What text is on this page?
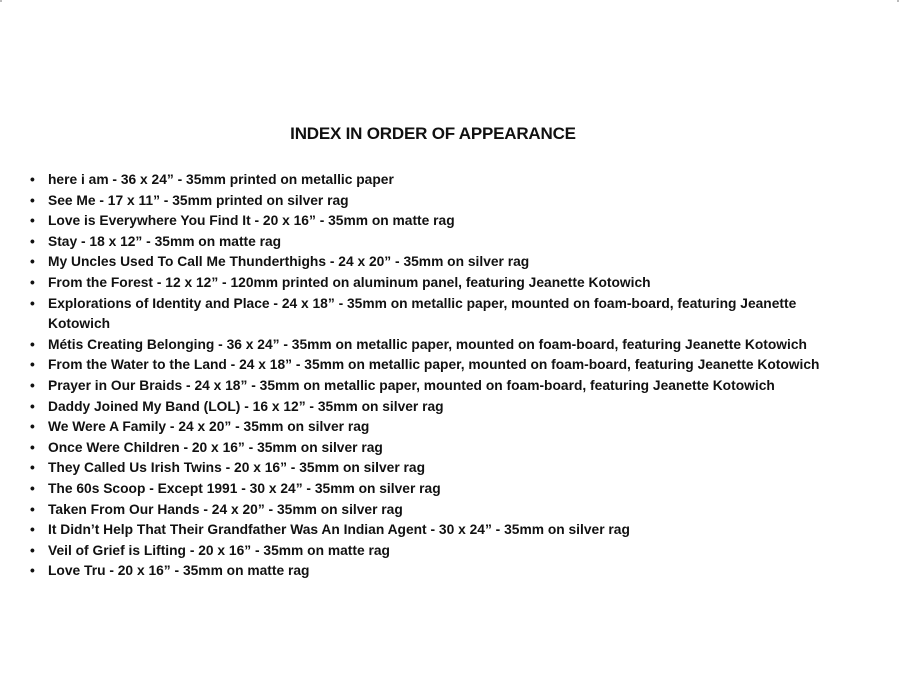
INDEX IN ORDER OF APPEARANCE
• here i am - 36 x 24” - 35mm printed on metallic paper
• See Me - 17 x 11” - 35mm printed on silver rag
• Love is Everywhere You Find It - 20 x 16” - 35mm on matte rag
• Stay - 18 x 12” - 35mm on matte rag
• My Uncles Used To Call Me Thunderthighs - 24 x 20” - 35mm on silver rag
• From the Forest - 12 x 12” - 120mm printed on aluminum panel, featuring Jeanette Kotowich
• Explorations of Identity and Place - 24 x 18” - 35mm on metallic paper, mounted on foam-board, featuring Jeanette Kotowich
• Métis Creating Belonging - 36 x 24” - 35mm on metallic paper, mounted on foam-board, featuring Jeanette Kotowich
• From the Water to the Land - 24 x 18” - 35mm on metallic paper, mounted on foam-board, featuring Jeanette Kotowich
• Prayer in Our Braids - 24 x 18” - 35mm on metallic paper, mounted on foam-board, featuring Jeanette Kotowich
• Daddy Joined My Band (LOL) - 16 x 12” - 35mm on silver rag
• We Were A Family - 24 x 20” - 35mm on silver rag
• Once Were Children - 20 x 16” - 35mm on silver rag
• They Called Us Irish Twins - 20 x 16” - 35mm on silver rag
• The 60s Scoop - Except 1991 - 30 x 24” - 35mm on silver rag
• Taken From Our Hands - 24 x 20” - 35mm on silver rag
• It Didn’t Help That Their Grandfather Was An Indian Agent - 30 x 24” - 35mm on silver rag
• Veil of Grief is Lifting - 20 x 16” - 35mm on matte rag
• Love Tru - 20 x 16” - 35mm on matte rag
